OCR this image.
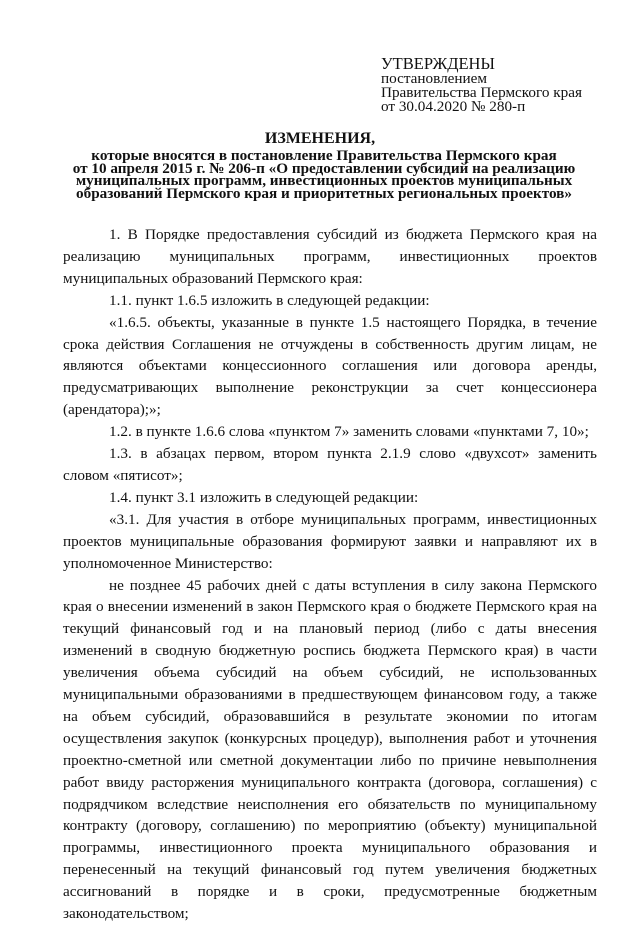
УТВЕРЖДЕНЫ
постановлением
Правительства Пермского края
от 30.04.2020 № 280-п
ИЗМЕНЕНИЯ,
которые вносятся в постановление Правительства Пермского края
от 10 апреля 2015 г. № 206-п «О предоставлении субсидий на реализацию
муниципальных программ, инвестиционных проектов муниципальных
образований Пермского края и приоритетных региональных проектов»

1. В Порядке предоставления субсидий из бюджета Пермского края на реализацию муниципальных программ, инвестиционных проектов муниципальных образований Пермского края:

1.1. пункт 1.6.5 изложить в следующей редакции:

«1.6.5. объекты, указанные в пункте 1.5 настоящего Порядка, в течение срока действия Соглашения не отчуждены в собственность другим лицам, не являются объектами концессионного соглашения или договора аренды, предусматривающих выполнение реконструкции за счет концессионера (арендатора);»;

1.2. в пункте 1.6.6 слова «пунктом 7» заменить словами «пунктами 7, 10»;

1.3. в абзацах первом, втором пункта 2.1.9 слово «двухсот» заменить словом «пятисот»;

1.4. пункт 3.1 изложить в следующей редакции:

«3.1. Для участия в отборе муниципальных программ, инвестиционных проектов муниципальные образования формируют заявки и направляют их в уполномоченное Министерство:

не позднее 45 рабочих дней с даты вступления в силу закона Пермского края о внесении изменений в закон Пермского края о бюджете Пермского края на текущий финансовый год и на плановый период (либо с даты внесения изменений в сводную бюджетную роспись бюджета Пермского края) в части увеличения объема субсидий на объем субсидий, не использованных муниципальными образованиями в предшествующем финансовом году, а также на объем субсидий, образовавшийся в результате экономии по итогам осуществления закупок (конкурсных процедур), выполнения работ и уточнения проектно-сметной или сметной документации либо по причине невыполнения работ ввиду расторжения муниципального контракта (договора, соглашения) с подрядчиком вследствие неисполнения его обязательств по муниципальному контракту (договору, соглашению) по мероприятию (объекту) муниципальной программы, инвестиционного проекта муниципального образования и перенесенный на текущий финансовый год путем увеличения бюджетных ассигнований в порядке и в сроки, предусмотренные бюджетным законодательством;
